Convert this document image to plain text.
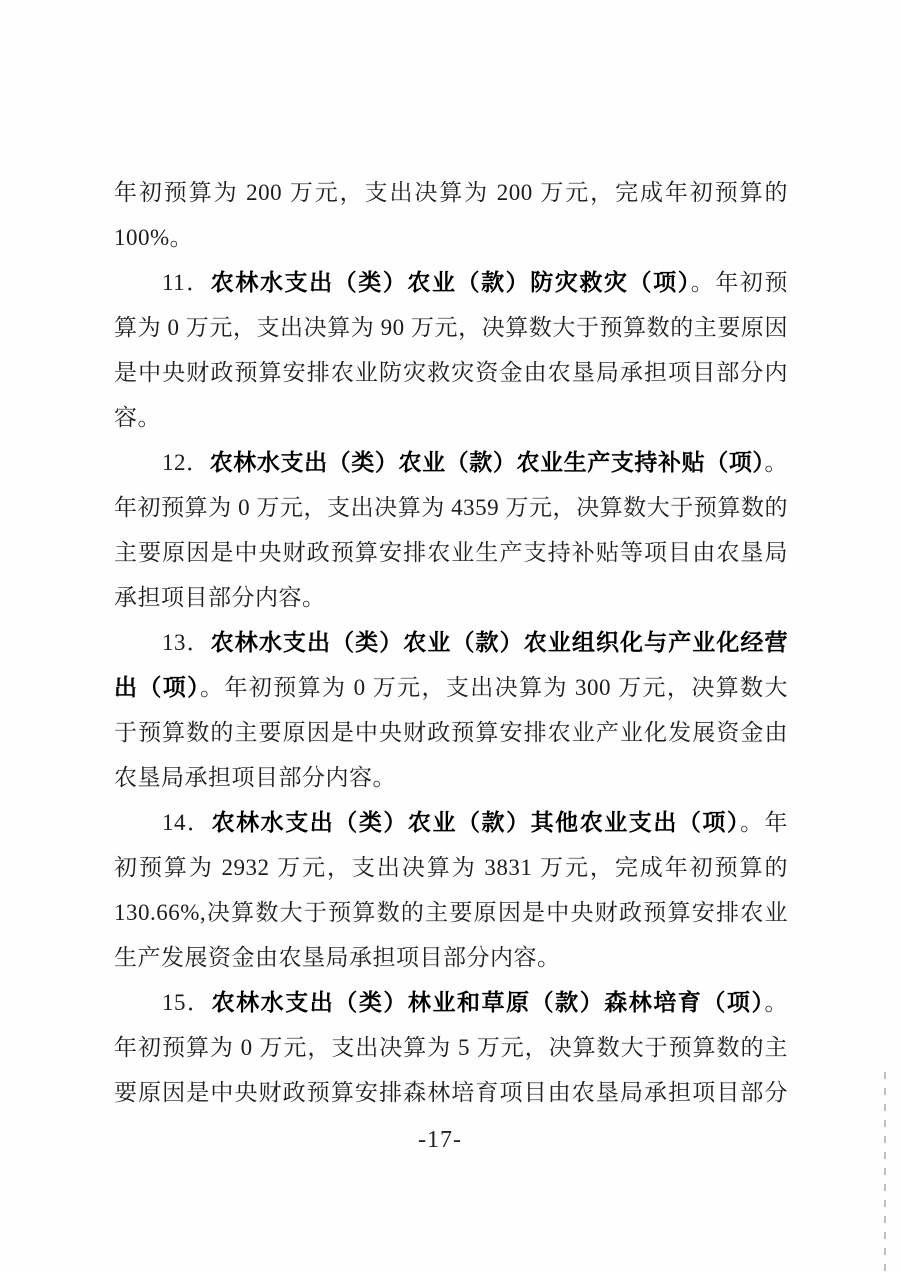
年初预算为 200 万元，支出决算为 200 万元，完成年初预算的
100%。
11．农林水支出（类）农业（款）防灾救灾（项）。年初预
算为 0 万元，支出决算为 90 万元，决算数大于预算数的主要原因
是中央财政预算安排农业防灾救灾资金由农垦局承担项目部分内
容。
12．农林水支出（类）农业（款）农业生产支持补贴（项）。
年初预算为 0 万元，支出决算为 4359 万元，决算数大于预算数的
主要原因是中央财政预算安排农业生产支持补贴等项目由农垦局
承担项目部分内容。
13．农林水支出（类）农业（款）农业组织化与产业化经营
出（项）。年初预算为 0 万元，支出决算为 300 万元，决算数大
于预算数的主要原因是中央财政预算安排农业产业化发展资金由
农垦局承担项目部分内容。
14．农林水支出（类）农业（款）其他农业支出（项）。年
初预算为 2932 万元，支出决算为 3831 万元，完成年初预算的
130.66%,决算数大于预算数的主要原因是中央财政预算安排农业
生产发展资金由农垦局承担项目部分内容。
15．农林水支出（类）林业和草原（款）森林培育（项）。
年初预算为 0 万元，支出决算为 5 万元，决算数大于预算数的主
要原因是中央财政预算安排森林培育项目由农垦局承担项目部分
-17-
